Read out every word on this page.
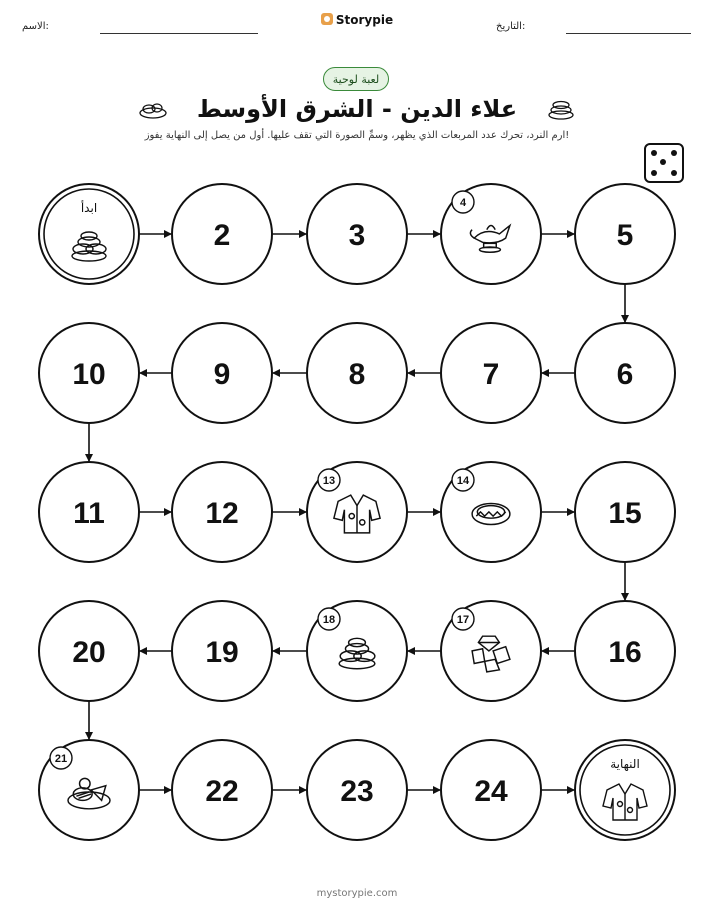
الاسم:	التاريخ:
Storypie
لعبة لوحية
علاء الدين - الشرق الأوسط
ارم النرد، تحرك عدد المربعات الذي يظهر، وسمِّ الصورة التي تقف عليها. أول من يصل إلى النهاية يفوز!
ابدأ
2	3
4
5
6
7
8
9
10
11	12
13	14
15
16
17
18
19
20
21
22	23	24
النهاية
mystorypie.com
